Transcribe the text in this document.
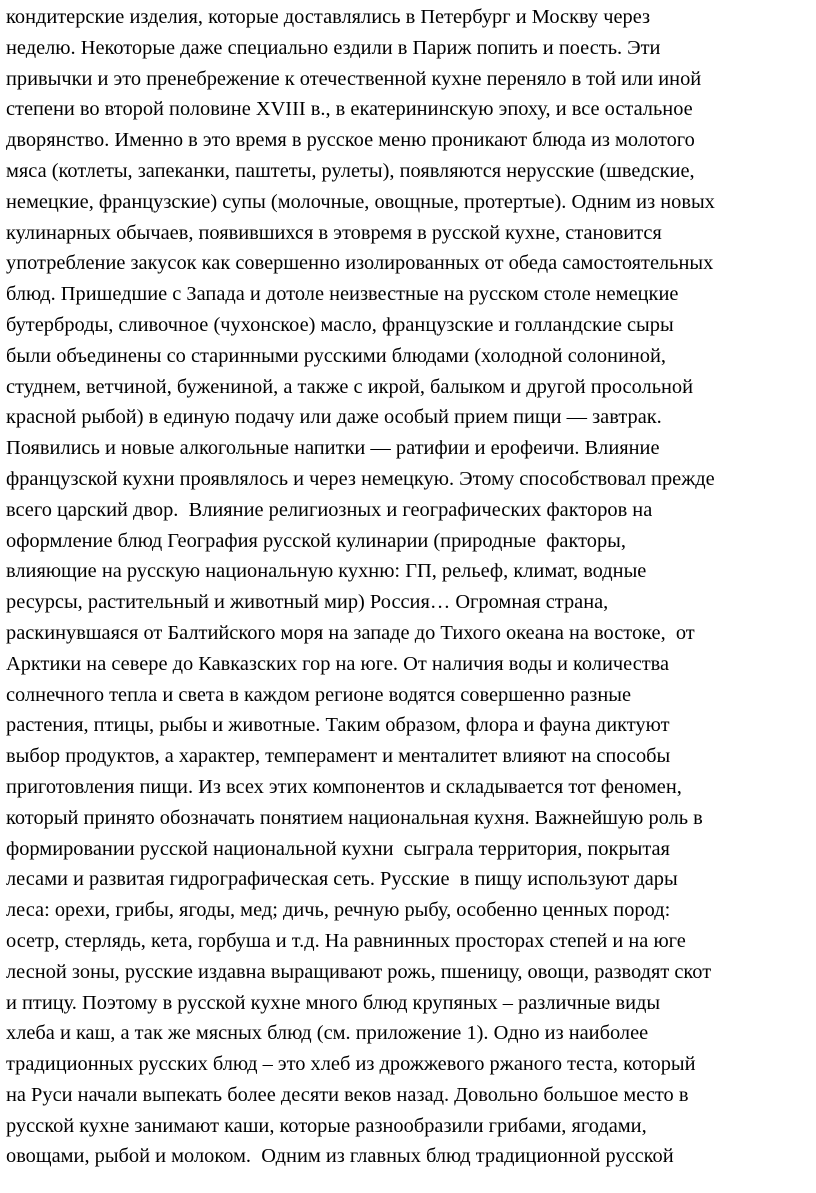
кондитерские изделия, которые доставлялись в Петербург и Москву через
неделю. Некоторые даже специально ездили в Париж попить и поесть. Эти
привычки и это пренебрежение к отечественной кухне переняло в той или иной
степени во второй половине XVIII в., в екатерининскую эпоху, и все остальное
дворянство. Именно в это время в русское меню проникают блюда из молотого
мяса (котлеты, запеканки, паштеты, рулеты), появляются нерусские (шведские,
немецкие, французские) супы (молочные, овощные, протертые). Одним из новых
кулинарных обычаев, появившихся в этовремя в русской кухне, становится
употребление закусок как совершенно изолированных от обеда самостоятельных
блюд. Пришедшие с Запада и дотоле неизвестные на русском столе немецкие
бутерброды, сливочное (чухонское) масло, французские и голландские сыры
были объединены со старинными русскими блюдами (холодной солониной,
студнем, ветчиной, бужениной, а также с икрой, балыком и другой просольной
красной рыбой) в единую подачу или даже особый прием пищи — завтрак.
Появились и новые алкогольные напитки — ратифии и ерофеичи. Влияние
французской кухни проявлялось и через немецкую. Этому способствовал прежде
всего царский двор.  Влияние религиозных и географических факторов на
оформление блюд География русской кулинарии (природные  факторы,
влияющие на русскую национальную кухню: ГП, рельеф, климат, водные
ресурсы, растительный и животный мир) Россия… Огромная страна,
раскинувшаяся от Балтийского моря на западе до Тихого океана на востоке,  от
Арктики на севере до Кавказских гор на юге. От наличия воды и количества
солнечного тепла и света в каждом регионе водятся совершенно разные
растения, птицы, рыбы и животные. Таким образом, флора и фауна диктуют
выбор продуктов, а характер, темперамент и менталитет влияют на способы
приготовления пищи. Из всех этих компонентов и складывается тот феномен,
который принято обозначать понятием национальная кухня. Важнейшую роль в
формировании русской национальной кухни  сыграла территория, покрытая
лесами и развитая гидрографическая сеть. Русские  в пищу используют дары
леса: орехи, грибы, ягоды, мед; дичь, речную рыбу, особенно ценных пород:
осетр, стерлядь, кета, горбуша и т.д. На равнинных просторах степей и на юге
лесной зоны, русские издавна выращивают рожь, пшеницу, овощи, разводят скот
и птицу. Поэтому в русской кухне много блюд крупяных – различные виды
хлеба и каш, а так же мясных блюд (см. приложение 1). Одно из наиболее
традиционных русских блюд – это хлеб из дрожжевого ржаного теста, который
на Руси начали выпекать более десяти веков назад. Довольно большое место в
русской кухне занимают каши, которые разнообразили грибами, ягодами,
овощами, рыбой и молоком.  Одним из главных блюд традиционной русской
